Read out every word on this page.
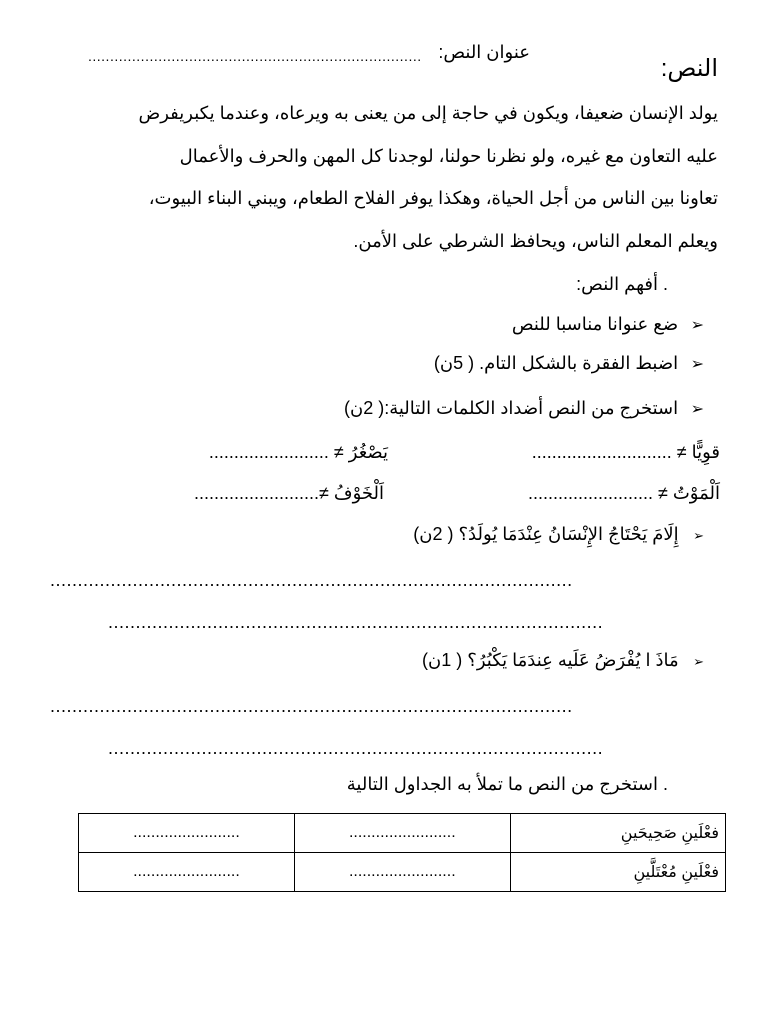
النص:
عنوان النص:
............................................................................
يولد الإنسان ضعيفا، ويكون في حاجة إلى من يعنى به ويرعاه، وعندما يكبريفرض
عليه التعاون مع غيره، ولو نظرنا حولنا، لوجدنا كل المهن والحرف والأعمال
تعاونا بين الناس من أجل الحياة، وهكذا يوفر الفلاح الطعام، ويبني البناء البيوت،
ويعلم المعلم الناس، ويحافظ الشرطي على الأمن.
. أفهم النص:
➢ ضع عنوانا مناسبا للنص
➢ اضبط الفقرة بالشكل التام. ( 5ن)
➢ استخرج من النص أضداد الكلمات التالية:( 2ن)
قوِيًّا ≠ ............................
يَصْغُرُ ≠ ........................
اَلْمَوْتُ ≠ .........................
اَلْخَوْفُ ≠.........................
➢ إِلَامَ يَحْتَاجُ الإِنْسَانُ عِنْدَمَا يُولَدُ؟ ( 2ن)
...............................................................................................
..........................................................................................
➢ مَاذَ ا يُفْرَضُ عَلَيه عِندَمَا يَكْبُرُ؟ ( 1ن)
...............................................................................................
..........................................................................................
. استخرج من النص ما تملأ به الجداول التالية
فعْلَينِ صَحِيحَينِ	........................	........................
فعْلَينِ مُعْتَلَّينِ	........................	........................
